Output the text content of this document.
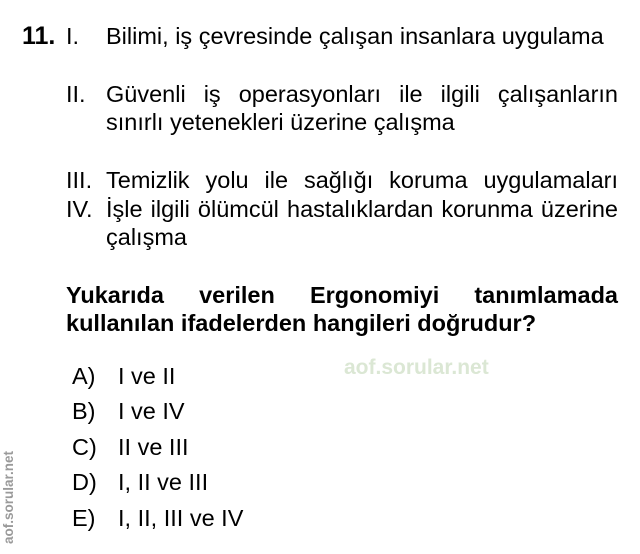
11. I. Bilimi, iş çevresinde çalışan insanlara uygulama
II. Güvenli iş operasyonları ile ilgili çalışanların sınırlı yetenekleri üzerine çalışma
III. Temizlik yolu ile sağlığı koruma uygulamaları
IV. İşle ilgili ölümcül hastalıklardan korunma üzerine çalışma
Yukarıda verilen Ergonomiyi tanımlamada kullanılan ifadelerden hangileri doğrudur?
aof.sorular.net
A) I ve II
B) I ve IV
C) II ve III
D) I, II ve III
E) I, II, III ve IV
aof.sorular.net
